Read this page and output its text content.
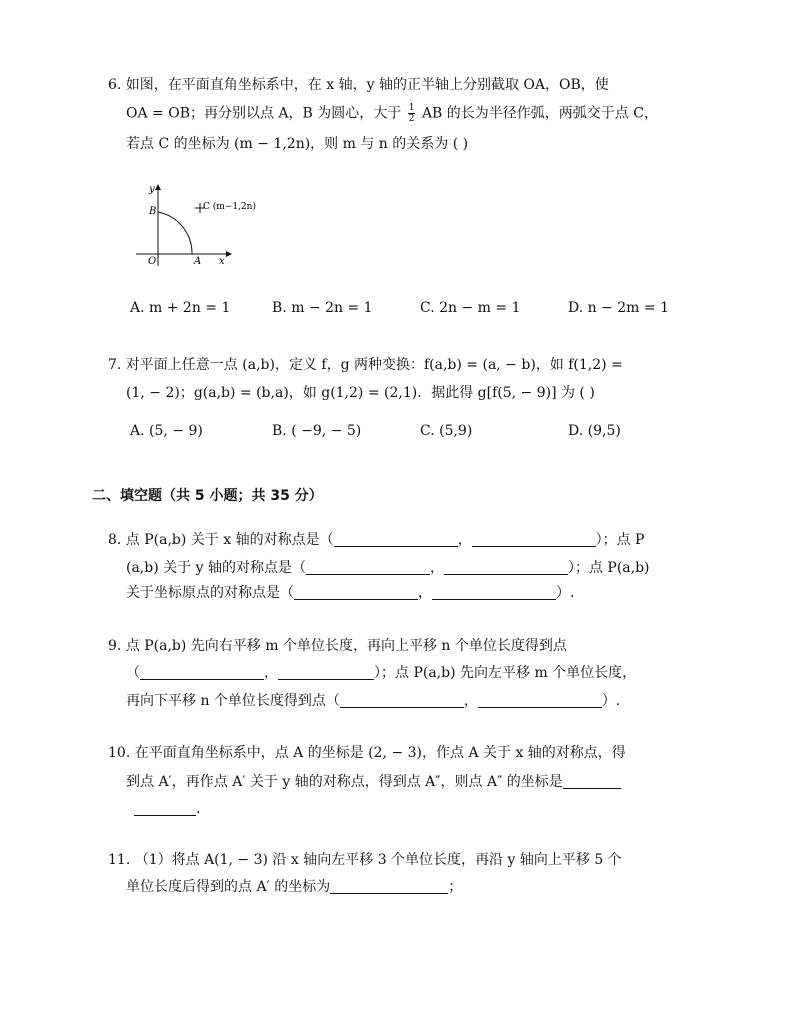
6. 如图，在平面直角坐标系中，在 x 轴，y 轴的正半轴上分别截取 OA，OB，使
OA = OB；再分别以点 A，B 为圆心，大于 $\frac{1}{2}$ AB 的长为半径作弧，两弧交于点 C，
若点 C 的坐标为 (m − 1,2n)，则 m 与 n 的关系为 ( )
y
B	C (m−1,2n)
O	A x
A. m + 2n = 1	B. m − 2n = 1	C. 2n − m = 1	D. n − 2m = 1
7. 对平面上任意一点 (a,b)，定义 f，g 两种变换：f(a,b) = (a, − b)，如 f(1,2) =
(1, − 2)；g(a,b) = (b,a)，如 g(1,2) = (2,1)．据此得 g[f(5, − 9)] 为 ( )
A. (5, − 9)	B. ( −9, − 5)	C. (5,9)	D. (9,5)
二、填空题（共 5 小题；共 35 分）
8. 点 P(a,b) 关于 x 轴的对称点是（	，	）；点 P
(a,b) 关于 y 轴的对称点是（	，	）；点 P(a,b)
关于坐标原点的对称点是（	，	）.
9. 点 P(a,b) 先向右平移 m 个单位长度，再向上平移 n 个单位长度得到点
（	，	）；点 P(a,b) 先向左平移 m 个单位长度，
再向下平移 n 个单位长度得到点（	，	）.
10. 在平面直角坐标系中，点 A 的坐标是 (2, − 3)，作点 A 关于 x 轴的对称点，得
到点 A′，再作点 A′ 关于 y 轴的对称点，得到点 A″，则点 A″ 的坐标是
.
11. （1）将点 A(1, − 3) 沿 x 轴向左平移 3 个单位长度，再沿 y 轴向上平移 5 个
单位长度后得到的点 A′ 的坐标为	；
